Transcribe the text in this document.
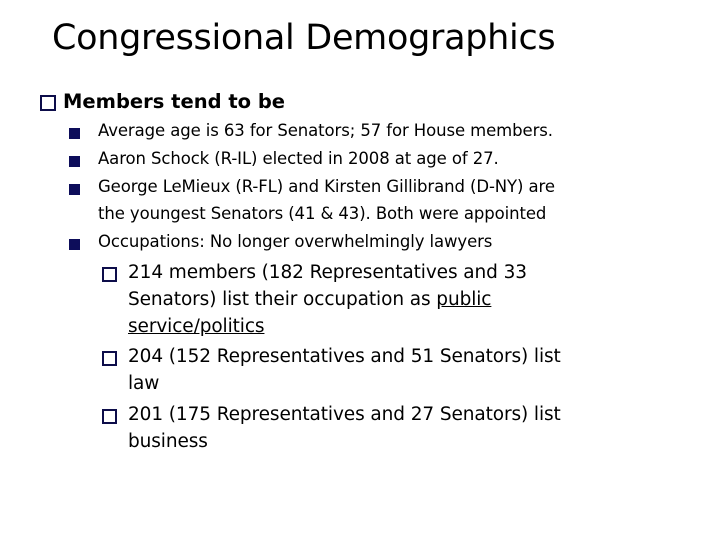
Congressional Demographics
Members tend to be
Average age is 63 for Senators; 57 for House members.
Aaron Schock (R-IL) elected in 2008 at age of 27.
George LeMieux (R-FL) and Kirsten Gillibrand (D-NY) are
the youngest Senators (41 & 43). Both were appointed
Occupations: No longer overwhelmingly lawyers
214 members (182 Representatives and 33
Senators) list their occupation as public
service/politics
204 (152 Representatives and 51 Senators) list
law
201 (175 Representatives and 27 Senators) list
business
